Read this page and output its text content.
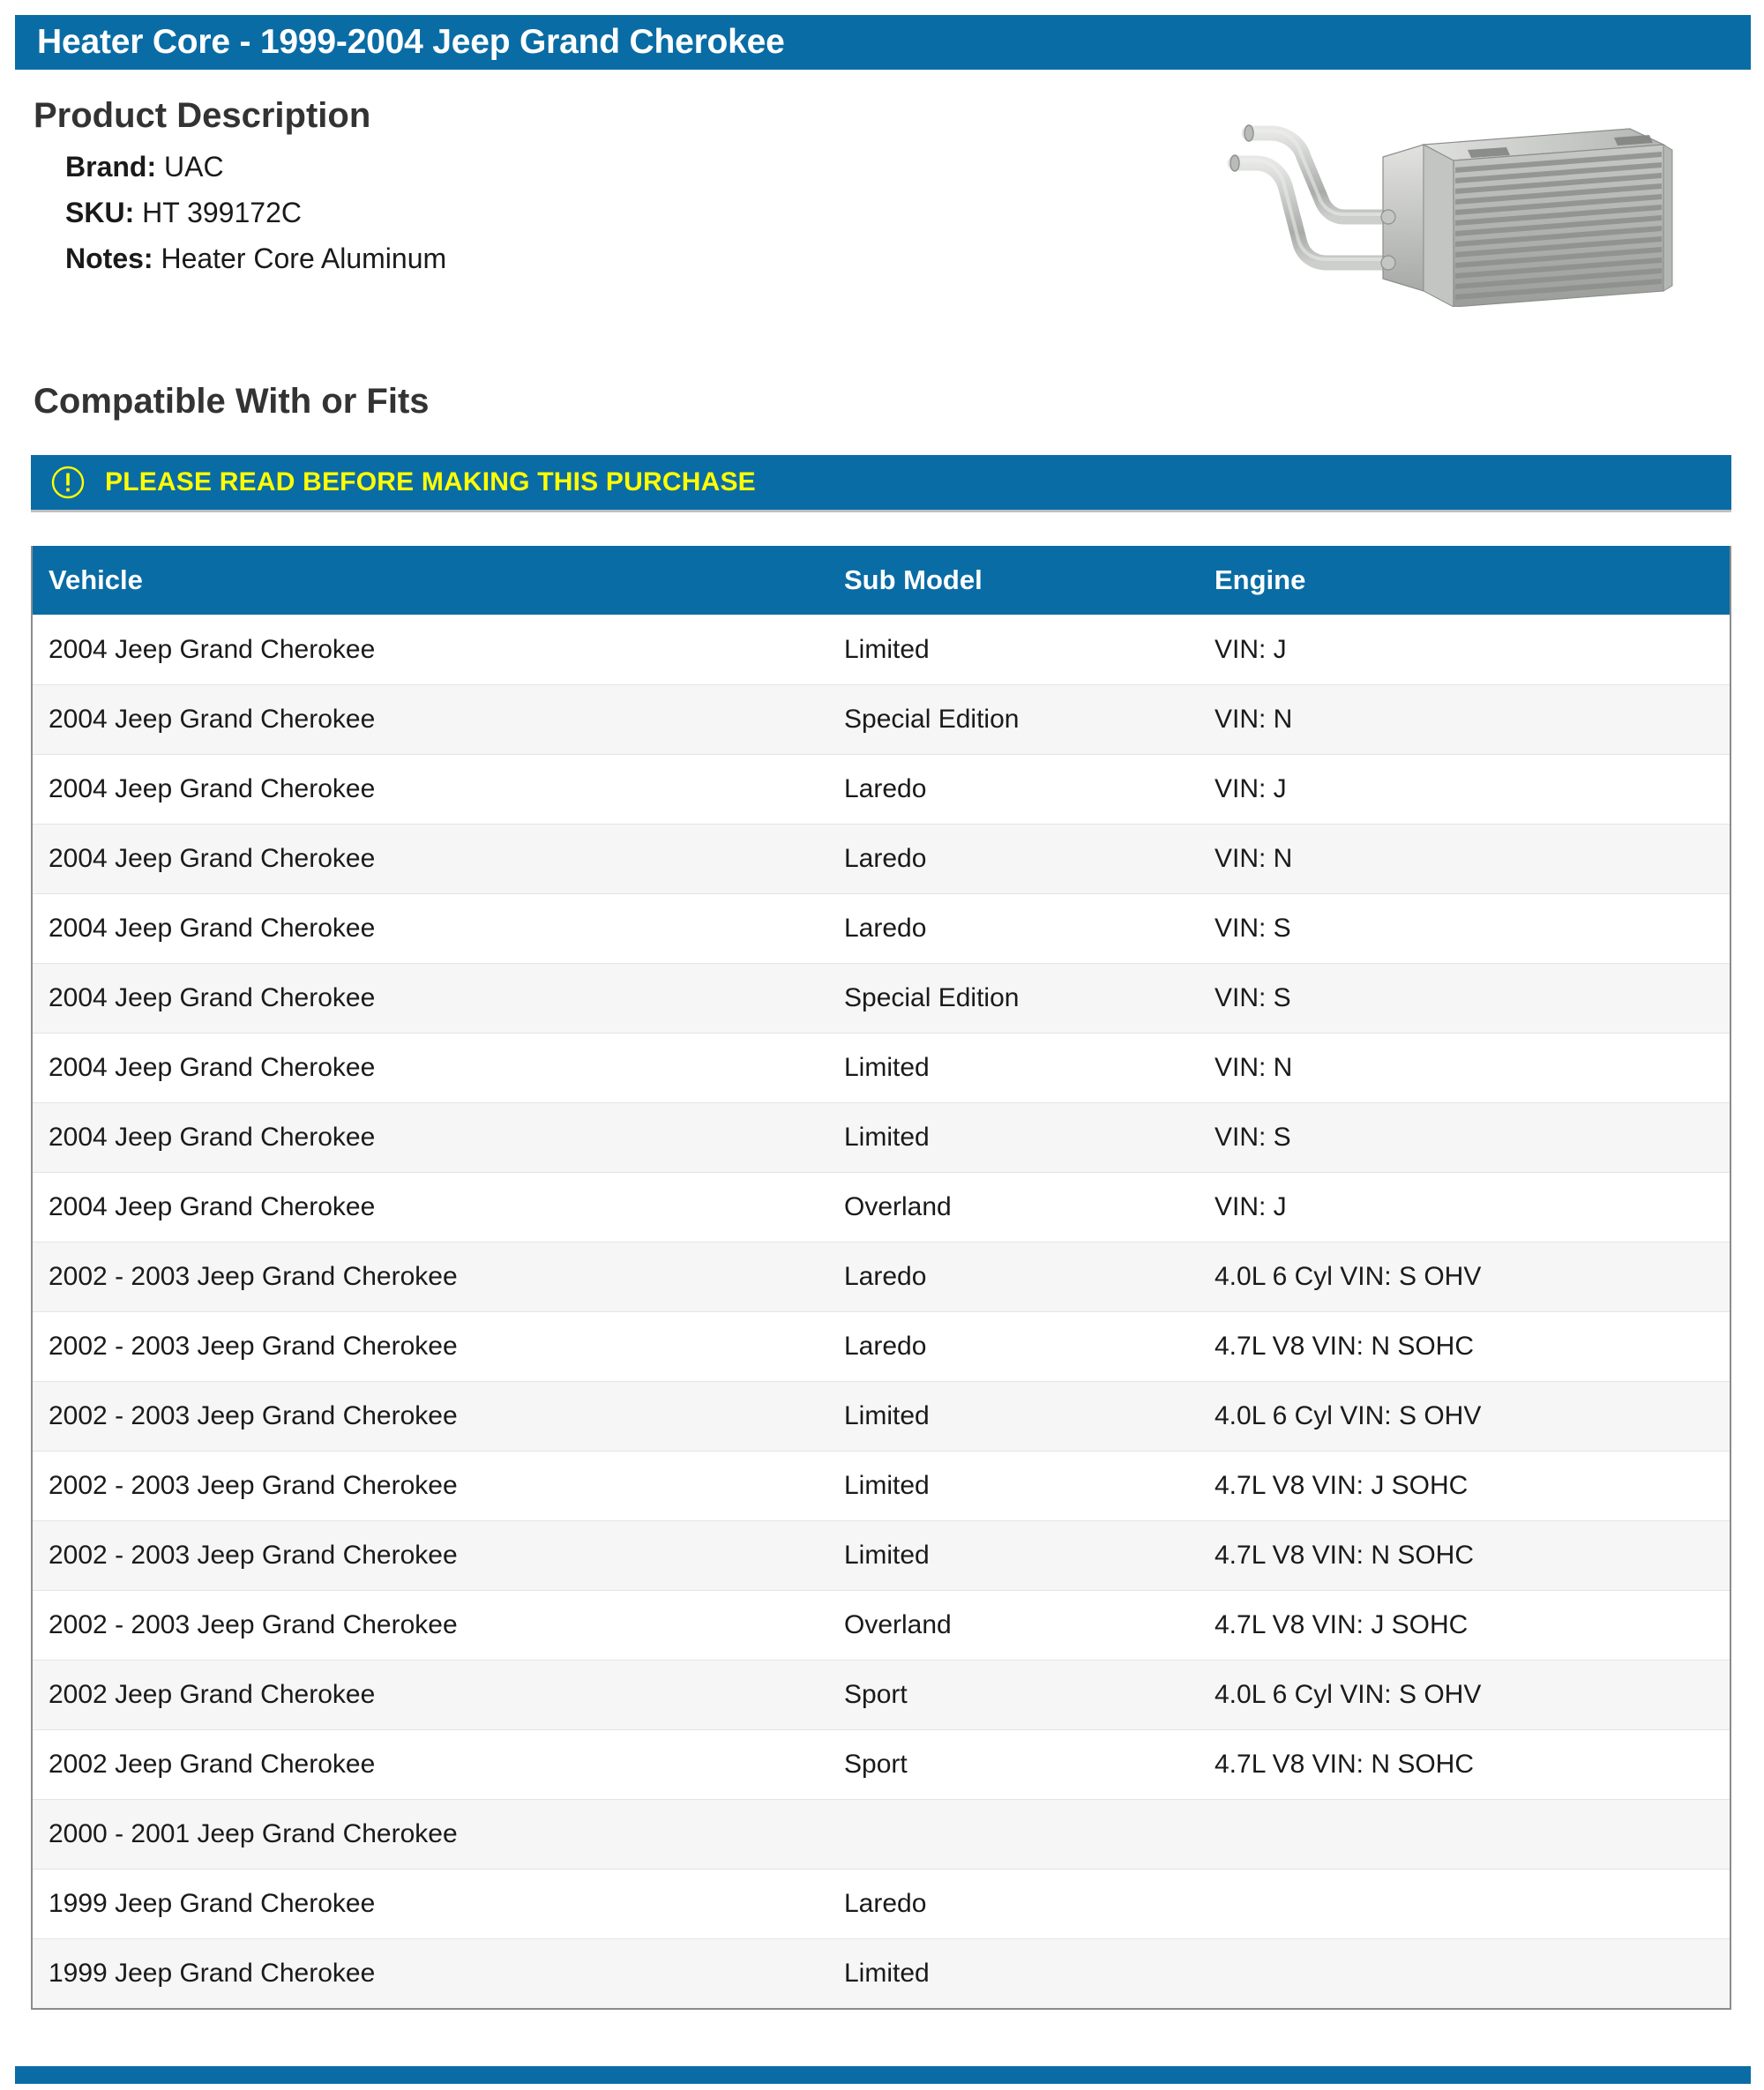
Heater Core - 1999-2004 Jeep Grand Cherokee
Product Description
Brand: UAC
SKU: HT 399172C
Notes: Heater Core Aluminum
Compatible With or Fits
PLEASE READ BEFORE MAKING THIS PURCHASE
Vehicle	Sub Model	Engine
2004 Jeep Grand Cherokee	Limited	VIN: J
2004 Jeep Grand Cherokee	Special Edition	VIN: N
2004 Jeep Grand Cherokee	Laredo	VIN: J
2004 Jeep Grand Cherokee	Laredo	VIN: N
2004 Jeep Grand Cherokee	Laredo	VIN: S
2004 Jeep Grand Cherokee	Special Edition	VIN: S
2004 Jeep Grand Cherokee	Limited	VIN: N
2004 Jeep Grand Cherokee	Limited	VIN: S
2004 Jeep Grand Cherokee	Overland	VIN: J
2002 - 2003 Jeep Grand Cherokee	Laredo	4.0L 6 Cyl VIN: S OHV
2002 - 2003 Jeep Grand Cherokee	Laredo	4.7L V8 VIN: N SOHC
2002 - 2003 Jeep Grand Cherokee	Limited	4.0L 6 Cyl VIN: S OHV
2002 - 2003 Jeep Grand Cherokee	Limited	4.7L V8 VIN: J SOHC
2002 - 2003 Jeep Grand Cherokee	Limited	4.7L V8 VIN: N SOHC
2002 - 2003 Jeep Grand Cherokee	Overland	4.7L V8 VIN: J SOHC
2002 Jeep Grand Cherokee	Sport	4.0L 6 Cyl VIN: S OHV
2002 Jeep Grand Cherokee	Sport	4.7L V8 VIN: N SOHC
2000 - 2001 Jeep Grand Cherokee
1999 Jeep Grand Cherokee	Laredo
1999 Jeep Grand Cherokee	Limited
